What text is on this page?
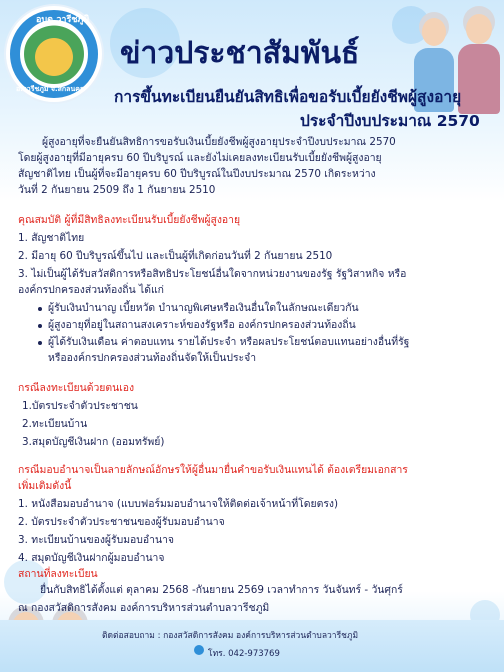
อบต.วารีชภูมิ
อ.วารีชภูมิ จ.สกลนคร
ข่าวประชาสัมพันธ์
การขึ้นทะเบียนยืนยันสิทธิเพื่อขอรับเบี้ยยังชีพผู้สูงอายุ
ประจำปีงบประมาณ 2570
ผู้สูงอายุที่จะยืนยันสิทธิการขอรับเงินเบี้ยยังชีพผู้สูงอายุประจำปีงบประมาณ 2570
โดยผู้สูงอายุที่มีอายุครบ 60 ปีบริบูรณ์ และยังไม่เคยลงทะเบียนรับเบี้ยยังชีพผู้สูงอายุ
สัญชาติไทย เป็นผู้ที่จะมีอายุครบ 60 ปีบริบูรณ์ในปีงบประมาณ 2570 เกิดระหว่าง
วันที่ 2 กันยายน 2509 ถึง 1 กันยายน 2510
คุณสมบัติ ผู้ที่มีสิทธิลงทะเบียนรับเบี้ยยังชีพผู้สูงอายุ
1. สัญชาติไทย
2. มีอายุ 60 ปีบริบูรณ์ขึ้นไป และเป็นผู้ที่เกิดก่อนวันที่ 2 กันยายน 2510
3. ไม่เป็นผู้ได้รับสวัสดิการหรือสิทธิประโยชน์อื่นใดจากหน่วยงานของรัฐ รัฐวิสาหกิจ หรือ
องค์กรปกครองส่วนท้องถิ่น ได้แก่
ผู้รับเงินบำนาญ เบี้ยหวัด บำนาญพิเศษหรือเงินอื่นใดในลักษณะเดียวกัน
ผู้สูงอายุที่อยู่ในสถานสงเคราะห์ของรัฐหรือ องค์กรปกครองส่วนท้องถิ่น
ผู้ได้รับเงินเดือน ค่าตอบแทน รายได้ประจำ หรือผลประโยชน์ตอบแทนอย่างอื่นที่รัฐ
หรือองค์กรปกครองส่วนท้องถิ่นจัดให้เป็นประจำ
กรณีลงทะเบียนด้วยตนเอง
1.บัตรประจำตัวประชาชน
2.ทะเบียนบ้าน
3.สมุดบัญชีเงินฝาก (ออมทรัพย์)
กรณีมอบอำนาจเป็นลายลักษณ์อักษรให้ผู้อื่นมายื่นคำขอรับเงินแทนได้ ต้องเตรียมเอกสาร
เพิ่มเติมดังนี้
1. หนังสือมอบอำนาจ (แบบฟอร์มมอบอำนาจให้ติดต่อเจ้าหน้าที่โดยตรง)
2. บัตรประจำตัวประชาชนของผู้รับมอบอำนาจ
3. ทะเบียนบ้านของผู้รับมอบอำนาจ
4. สมุดบัญชีเงินฝากผู้มอบอำนาจ
สถานที่ลงทะเบียน
ยื่นกับสิทธิได้ตั้งแต่ ตุลาคม 2568 -กันยายน 2569 เวลาทำการ วันจันทร์ - วันศุกร์
ณ กองสวัสดิการสังคม องค์การบริหารส่วนตำบลวารีชภูมิ
ติดต่อสอบถาม : กองสวัสดิการสังคม องค์การบริหารส่วนตำบลวารีชภูมิ
โทร. 042-973769
